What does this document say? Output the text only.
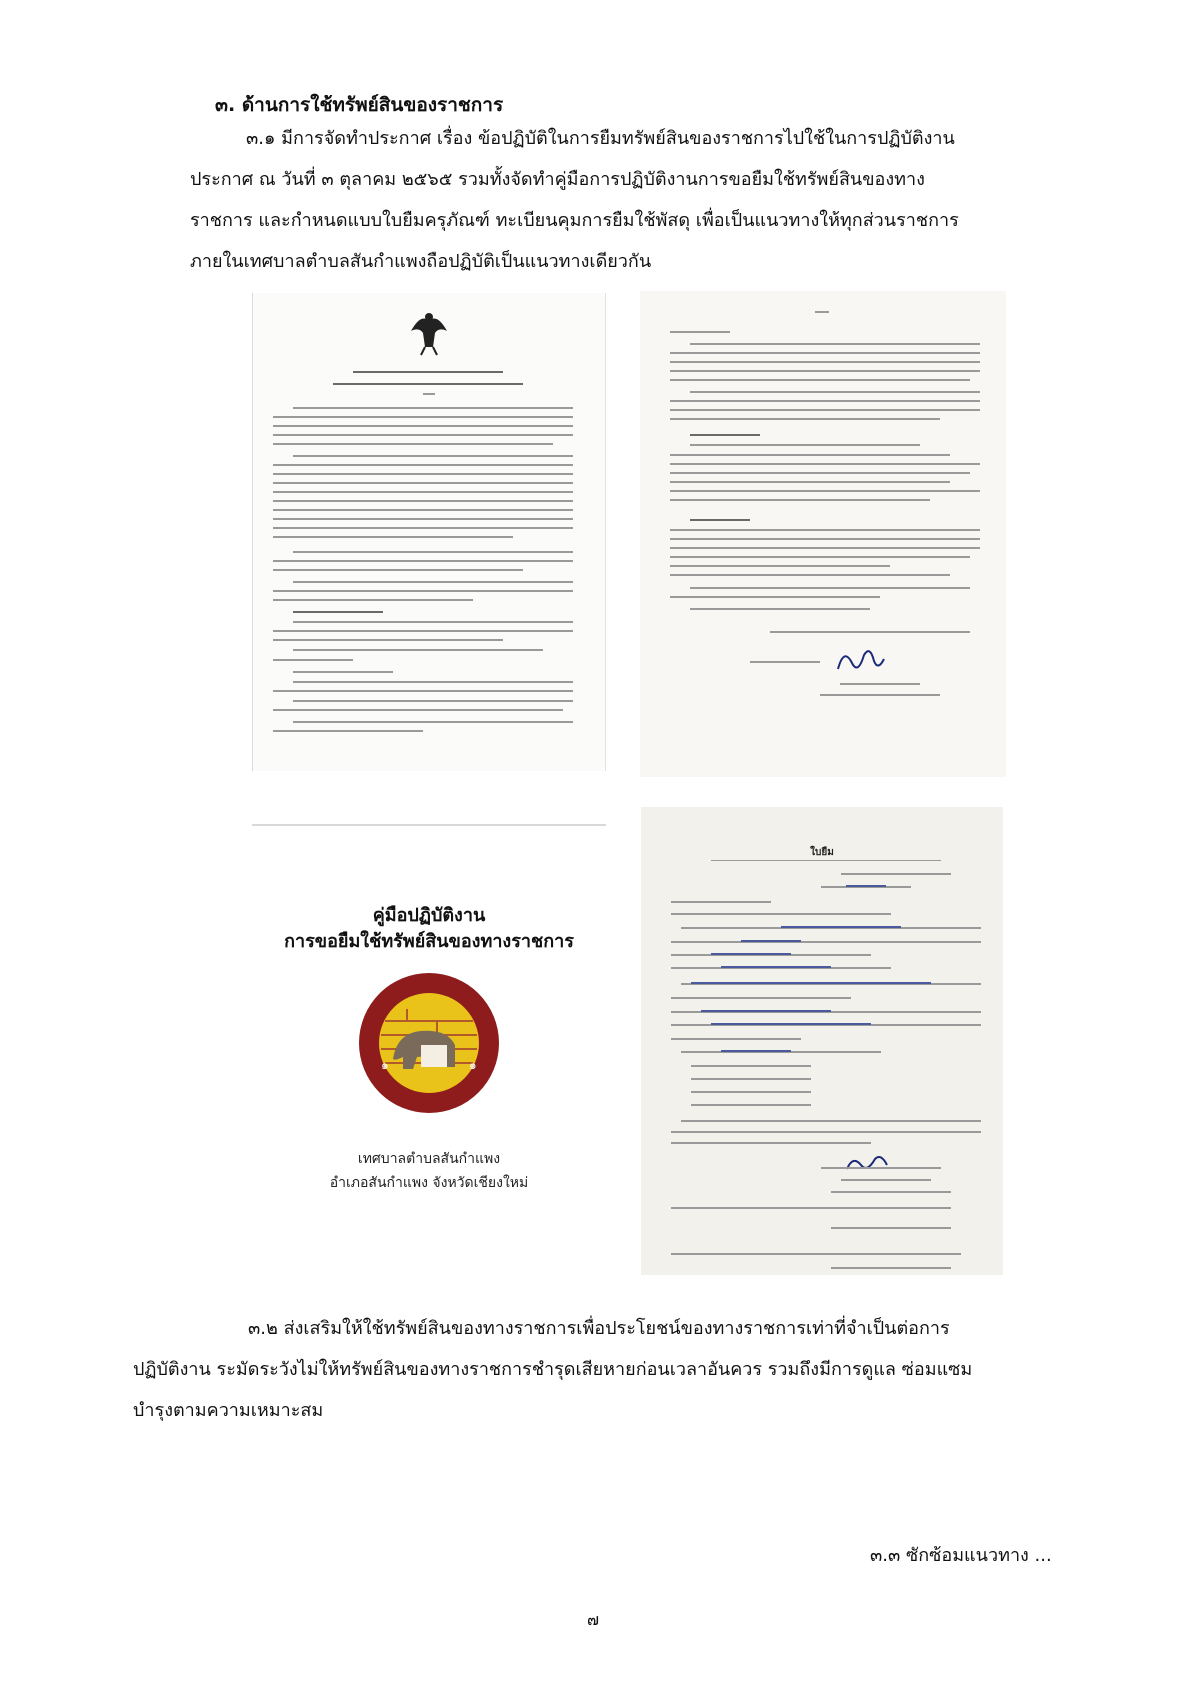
๓. ด้านการใช้ทรัพย์สินของราชการ
๓.๑ มีการจัดทำประกาศ เรื่อง ข้อปฏิบัติในการยืมทรัพย์สินของราชการไปใช้ในการปฏิบัติงาน
ประกาศ ณ วันที่ ๓ ตุลาคม ๒๕๖๕ รวมทั้งจัดทำคู่มือการปฏิบัติงานการขอยืมใช้ทรัพย์สินของทาง
ราชการ และกำหนดแบบใบยืมครุภัณฑ์ ทะเบียนคุมการยืมใช้พัสดุ เพื่อเป็นแนวทางให้ทุกส่วนราชการ
ภายในเทศบาลตำบลสันกำแพงถือปฏิบัติเป็นแนวทางเดียวกัน
คู่มือปฏิบัติงาน
การขอยืมใช้ทรัพย์สินของทางราชการ
๑	๑
เทศบาลตำบลสันกำแพง
อำเภอสันกำแพง จังหวัดเชียงใหม่
ใบยืม
๓.๒ ส่งเสริมให้ใช้ทรัพย์สินของทางราชการเพื่อประโยชน์ของทางราชการเท่าที่จำเป็นต่อการ
ปฏิบัติงาน ระมัดระวังไม่ให้ทรัพย์สินของทางราชการชำรุดเสียหายก่อนเวลาอันควร รวมถึงมีการดูแล ซ่อมแซม
บำรุงตามความเหมาะสม
๓.๓ ซักซ้อมแนวทาง ...
๗
